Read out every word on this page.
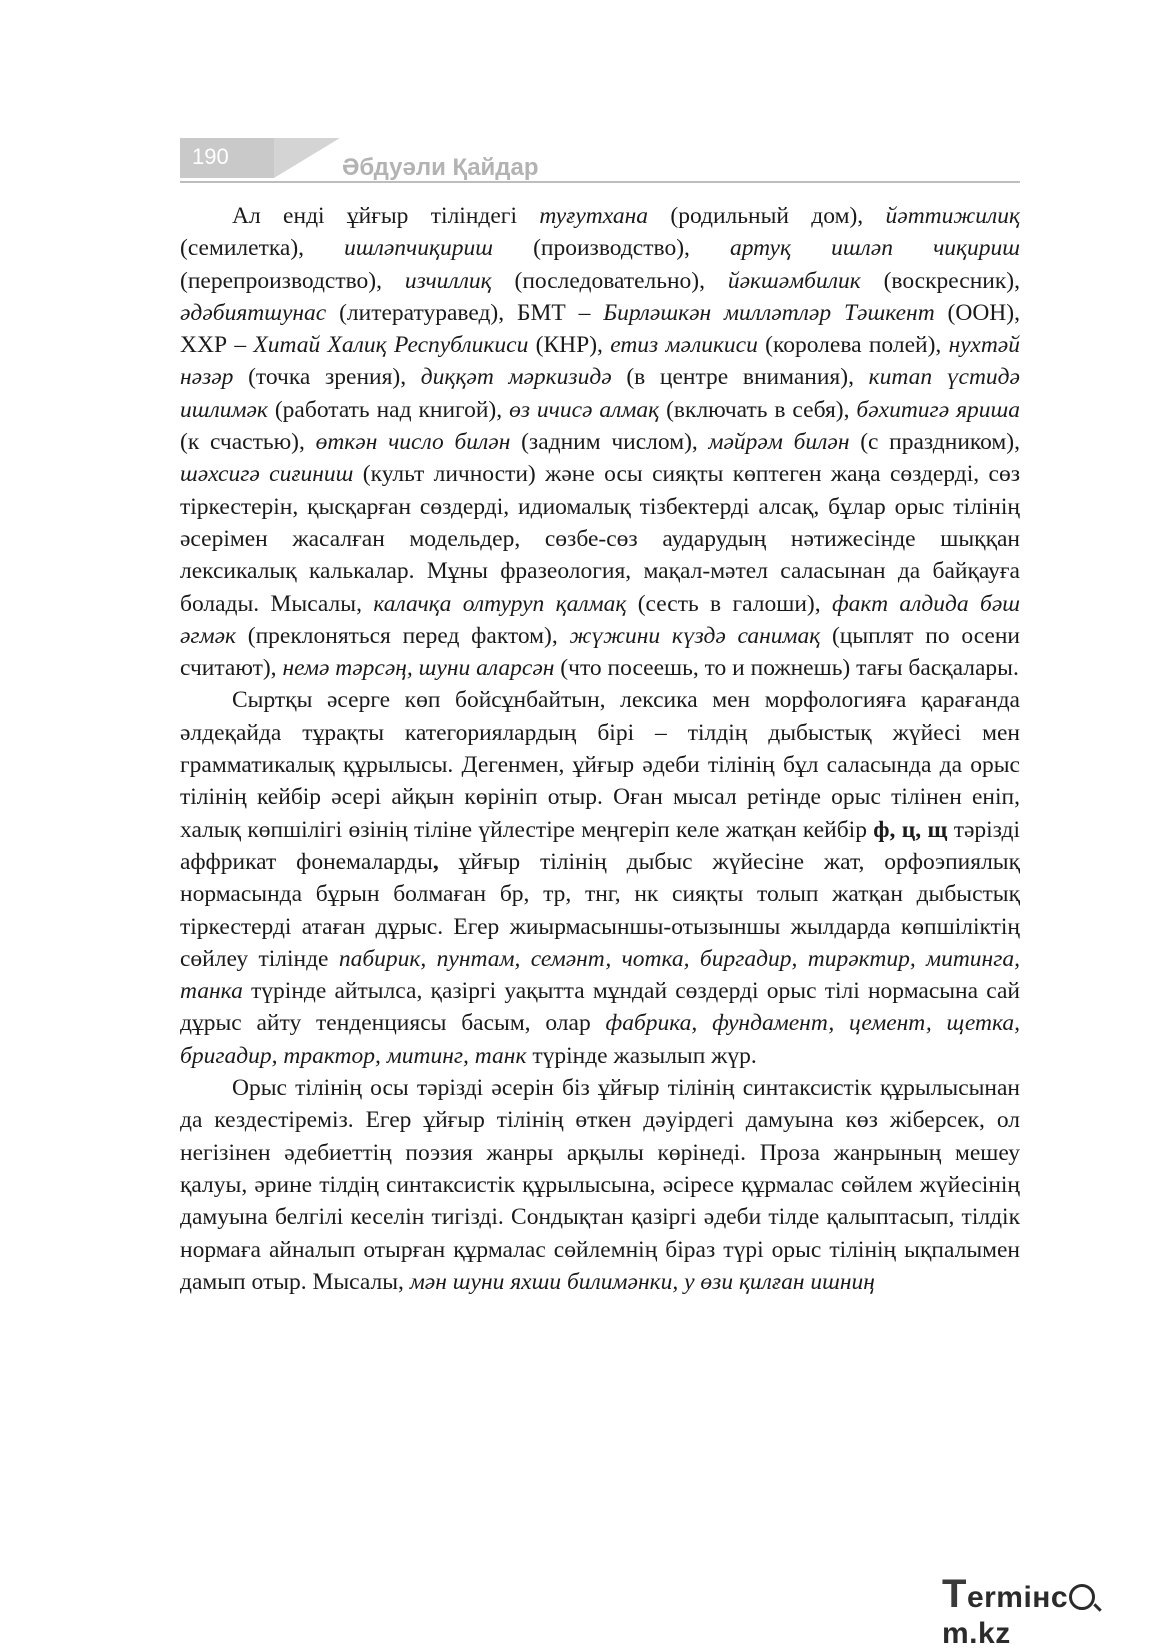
190	Әбдуәли Қайдар

Ал енді ұйғыр тіліндегі туғутхана (родильный дом), йәттижилиқ (семилетка), ишләпчиқириш (производство), артуқ ишләп чиқириш (перепроизводство), изчиллиқ (последовательно), йәкшәмбилик (воскресник), әдәбиятшунас (литературавед), БМТ – Бирләшкән милләтләр Тәшкент (ООН), ХХР – Хитай Халиқ Республикиси (КНР), етиз мәликиси (королева полей), нухтәй нәзәр (точка зрения), диққәт мәркизидә (в центре внимания), китап үстидә ишлимәк (работать над книгой), өз ичисә алмақ (включать в себя), бәхитигә яриша (к счастью), өткән число билән (задним числом), мәйрәм билән (с праздником), шәхсигә сиғиниш (культ личности) және осы сияқты көптеген жаңа сөздерді, сөз тіркестерін, қысқарған сөздерді, идиомалық тізбектерді алсақ, бұлар орыс тілінің әсерімен жасалған модельдер, сөзбе-сөз аударудың нәтижесінде шыққан лексикалық калькалар. Мұны фразеология, мақал-мәтел саласынан да байқауға болады. Мысалы, калачқа олтуруп қалмақ (сесть в галоши), факт алдида бәш әгмәк (преклоняться перед фактом), жүжини күздә санимақ (цыплят по осени считают), немә тәрсәң, шуни аларсән (что посеешь, то и пожнешь) тағы басқалары.

Сыртқы әсерге көп бойсұнбайтын, лексика мен морфологияға қарағанда әлдеқайда тұрақты категориялардың бірі – тілдің дыбыстық жүйесі мен грамматикалық құрылысы. Дегенмен, ұйғыр әдеби тілінің бұл саласында да орыс тілінің кейбір әсері айқын көрініп отыр. Оған мысал ретінде орыс тілінен еніп, халық көпшілігі өзінің тіліне үйлестіре меңгеріп келе жатқан кейбір ф, ц, щ тәрізді аффрикат фонемаларды, ұйғыр тілінің дыбыс жүйесіне жат, орфоэпиялық нормасында бұрын болмаған бр, тр, тнг, нк сияқты толып жатқан дыбыстық тіркестерді атаған дұрыс. Егер жиырмасыншы-отызыншы жылдарда көпшіліктің сөйлеу тілінде пабирик, пунтам, семәнт, чотка, биргадир, тирәктир, митинга, танка түрінде айтылса, қазіргі уақытта мұндай сөздерді орыс тілі нормасына сай дұрыс айту тенденциясы басым, олар фабрика, фундамент, цемент, щетка, бригадир, трактор, митинг, танк түрінде жазылып жүр.

Орыс тілінің осы тәрізді әсерін біз ұйғыр тілінің синтаксистік құрылысынан да кездестіреміз. Егер ұйғыр тілінің өткен дәуірдегі дамуына көз жіберсек, ол негізінен әдебиеттің поэзия жанры арқылы көрінеді. Проза жанрының мешеу қалуы, әрине тілдің синтаксистік құрылысына, әсіресе құрмалас сөйлем жүйесінің дамуына белгілі кеселін тигізді. Сондықтан қазіргі әдеби тілде қалыптасып, тілдік нормаға айналып отырған құрмалас сөйлемнің біраз түрі орыс тілінің ықпалымен дамып отыр. Мысалы, мән шуни яхши билимәнки, у өзи қилған ишниң

Termінcm.kz
